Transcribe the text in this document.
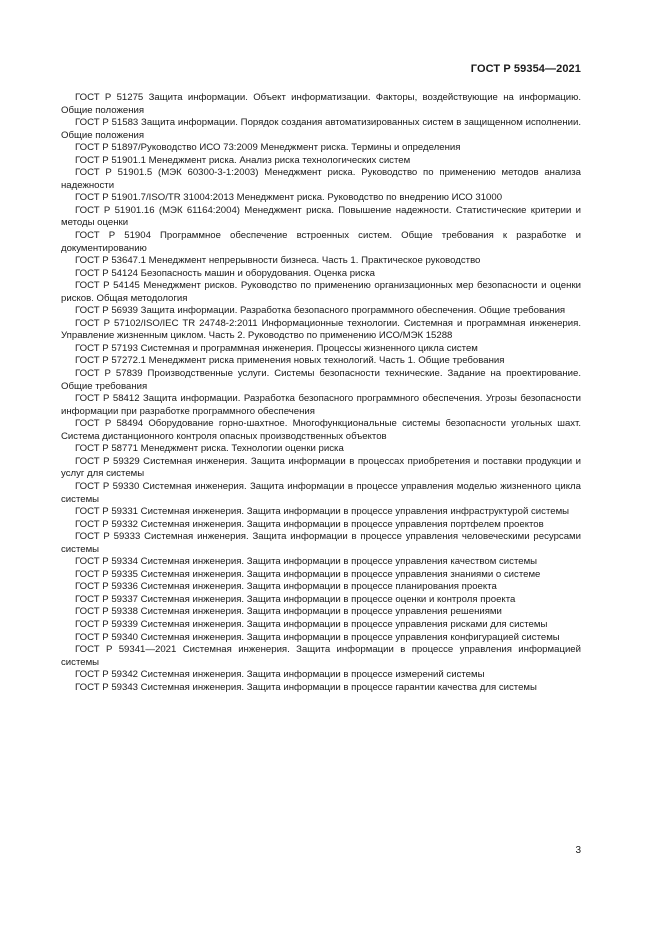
ГОСТ Р 59354—2021

ГОСТ Р 51275 Защита информации. Объект информатизации. Факторы, воздействующие на информацию. Общие положения

ГОСТ Р 51583 Защита информации. Порядок создания автоматизированных систем в защищенном исполнении. Общие положения

ГОСТ Р 51897/Руководство ИСО 73:2009 Менеджмент риска. Термины и определения

ГОСТ Р 51901.1 Менеджмент риска. Анализ риска технологических систем

ГОСТ Р 51901.5 (МЭК 60300-3-1:2003) Менеджмент риска. Руководство по применению методов анализа надежности

ГОСТ Р 51901.7/ISO/TR 31004:2013 Менеджмент риска. Руководство по внедрению ИСО 31000

ГОСТ Р 51901.16 (МЭК 61164:2004) Менеджмент риска. Повышение надежности. Статистические критерии и методы оценки

ГОСТ Р 51904 Программное обеспечение встроенных систем. Общие требования к разработке и документированию

ГОСТ Р 53647.1 Менеджмент непрерывности бизнеса. Часть 1. Практическое руководство

ГОСТ Р 54124 Безопасность машин и оборудования. Оценка риска

ГОСТ Р 54145 Менеджмент рисков. Руководство по применению организационных мер безопасности и оценки рисков. Общая методология

ГОСТ Р 56939 Защита информации. Разработка безопасного программного обеспечения. Общие требования

ГОСТ Р 57102/ISO/IEC TR 24748-2:2011 Информационные технологии. Системная и программная инженерия. Управление жизненным циклом. Часть 2. Руководство по применению ИСО/МЭК 15288

ГОСТ Р 57193 Системная и программная инженерия. Процессы жизненного цикла систем

ГОСТ Р 57272.1 Менеджмент риска применения новых технологий. Часть 1. Общие требования

ГОСТ Р 57839 Производственные услуги. Системы безопасности технические. Задание на проектирование. Общие требования

ГОСТ Р 58412 Защита информации. Разработка безопасного программного обеспечения. Угрозы безопасности информации при разработке программного обеспечения

ГОСТ Р 58494 Оборудование горно-шахтное. Многофункциональные системы безопасности угольных шахт. Система дистанционного контроля опасных производственных объектов

ГОСТ Р 58771 Менеджмент риска. Технологии оценки риска

ГОСТ Р 59329 Системная инженерия. Защита информации в процессах приобретения и поставки продукции и услуг для системы

ГОСТ Р 59330 Системная инженерия. Защита информации в процессе управления моделью жизненного цикла системы

ГОСТ Р 59331 Системная инженерия. Защита информации в процессе управления инфраструктурой системы

ГОСТ Р 59332 Системная инженерия. Защита информации в процессе управления портфелем проектов

ГОСТ Р 59333 Системная инженерия. Защита информации в процессе управления человеческими ресурсами системы

ГОСТ Р 59334 Системная инженерия. Защита информации в процессе управления качеством системы

ГОСТ Р 59335 Системная инженерия. Защита информации в процессе управления знаниями о системе

ГОСТ Р 59336 Системная инженерия. Защита информации в процессе планирования проекта

ГОСТ Р 59337 Системная инженерия. Защита информации в процессе оценки и контроля проекта

ГОСТ Р 59338 Системная инженерия. Защита информации в процессе управления решениями

ГОСТ Р 59339 Системная инженерия. Защита информации в процессе управления рисками для системы

ГОСТ Р 59340 Системная инженерия. Защита информации в процессе управления конфигурацией системы

ГОСТ Р 59341—2021 Системная инженерия. Защита информации в процессе управления информацией системы

ГОСТ Р 59342 Системная инженерия. Защита информации в процессе измерений системы

ГОСТ Р 59343 Системная инженерия. Защита информации в процессе гарантии качества для системы

3
